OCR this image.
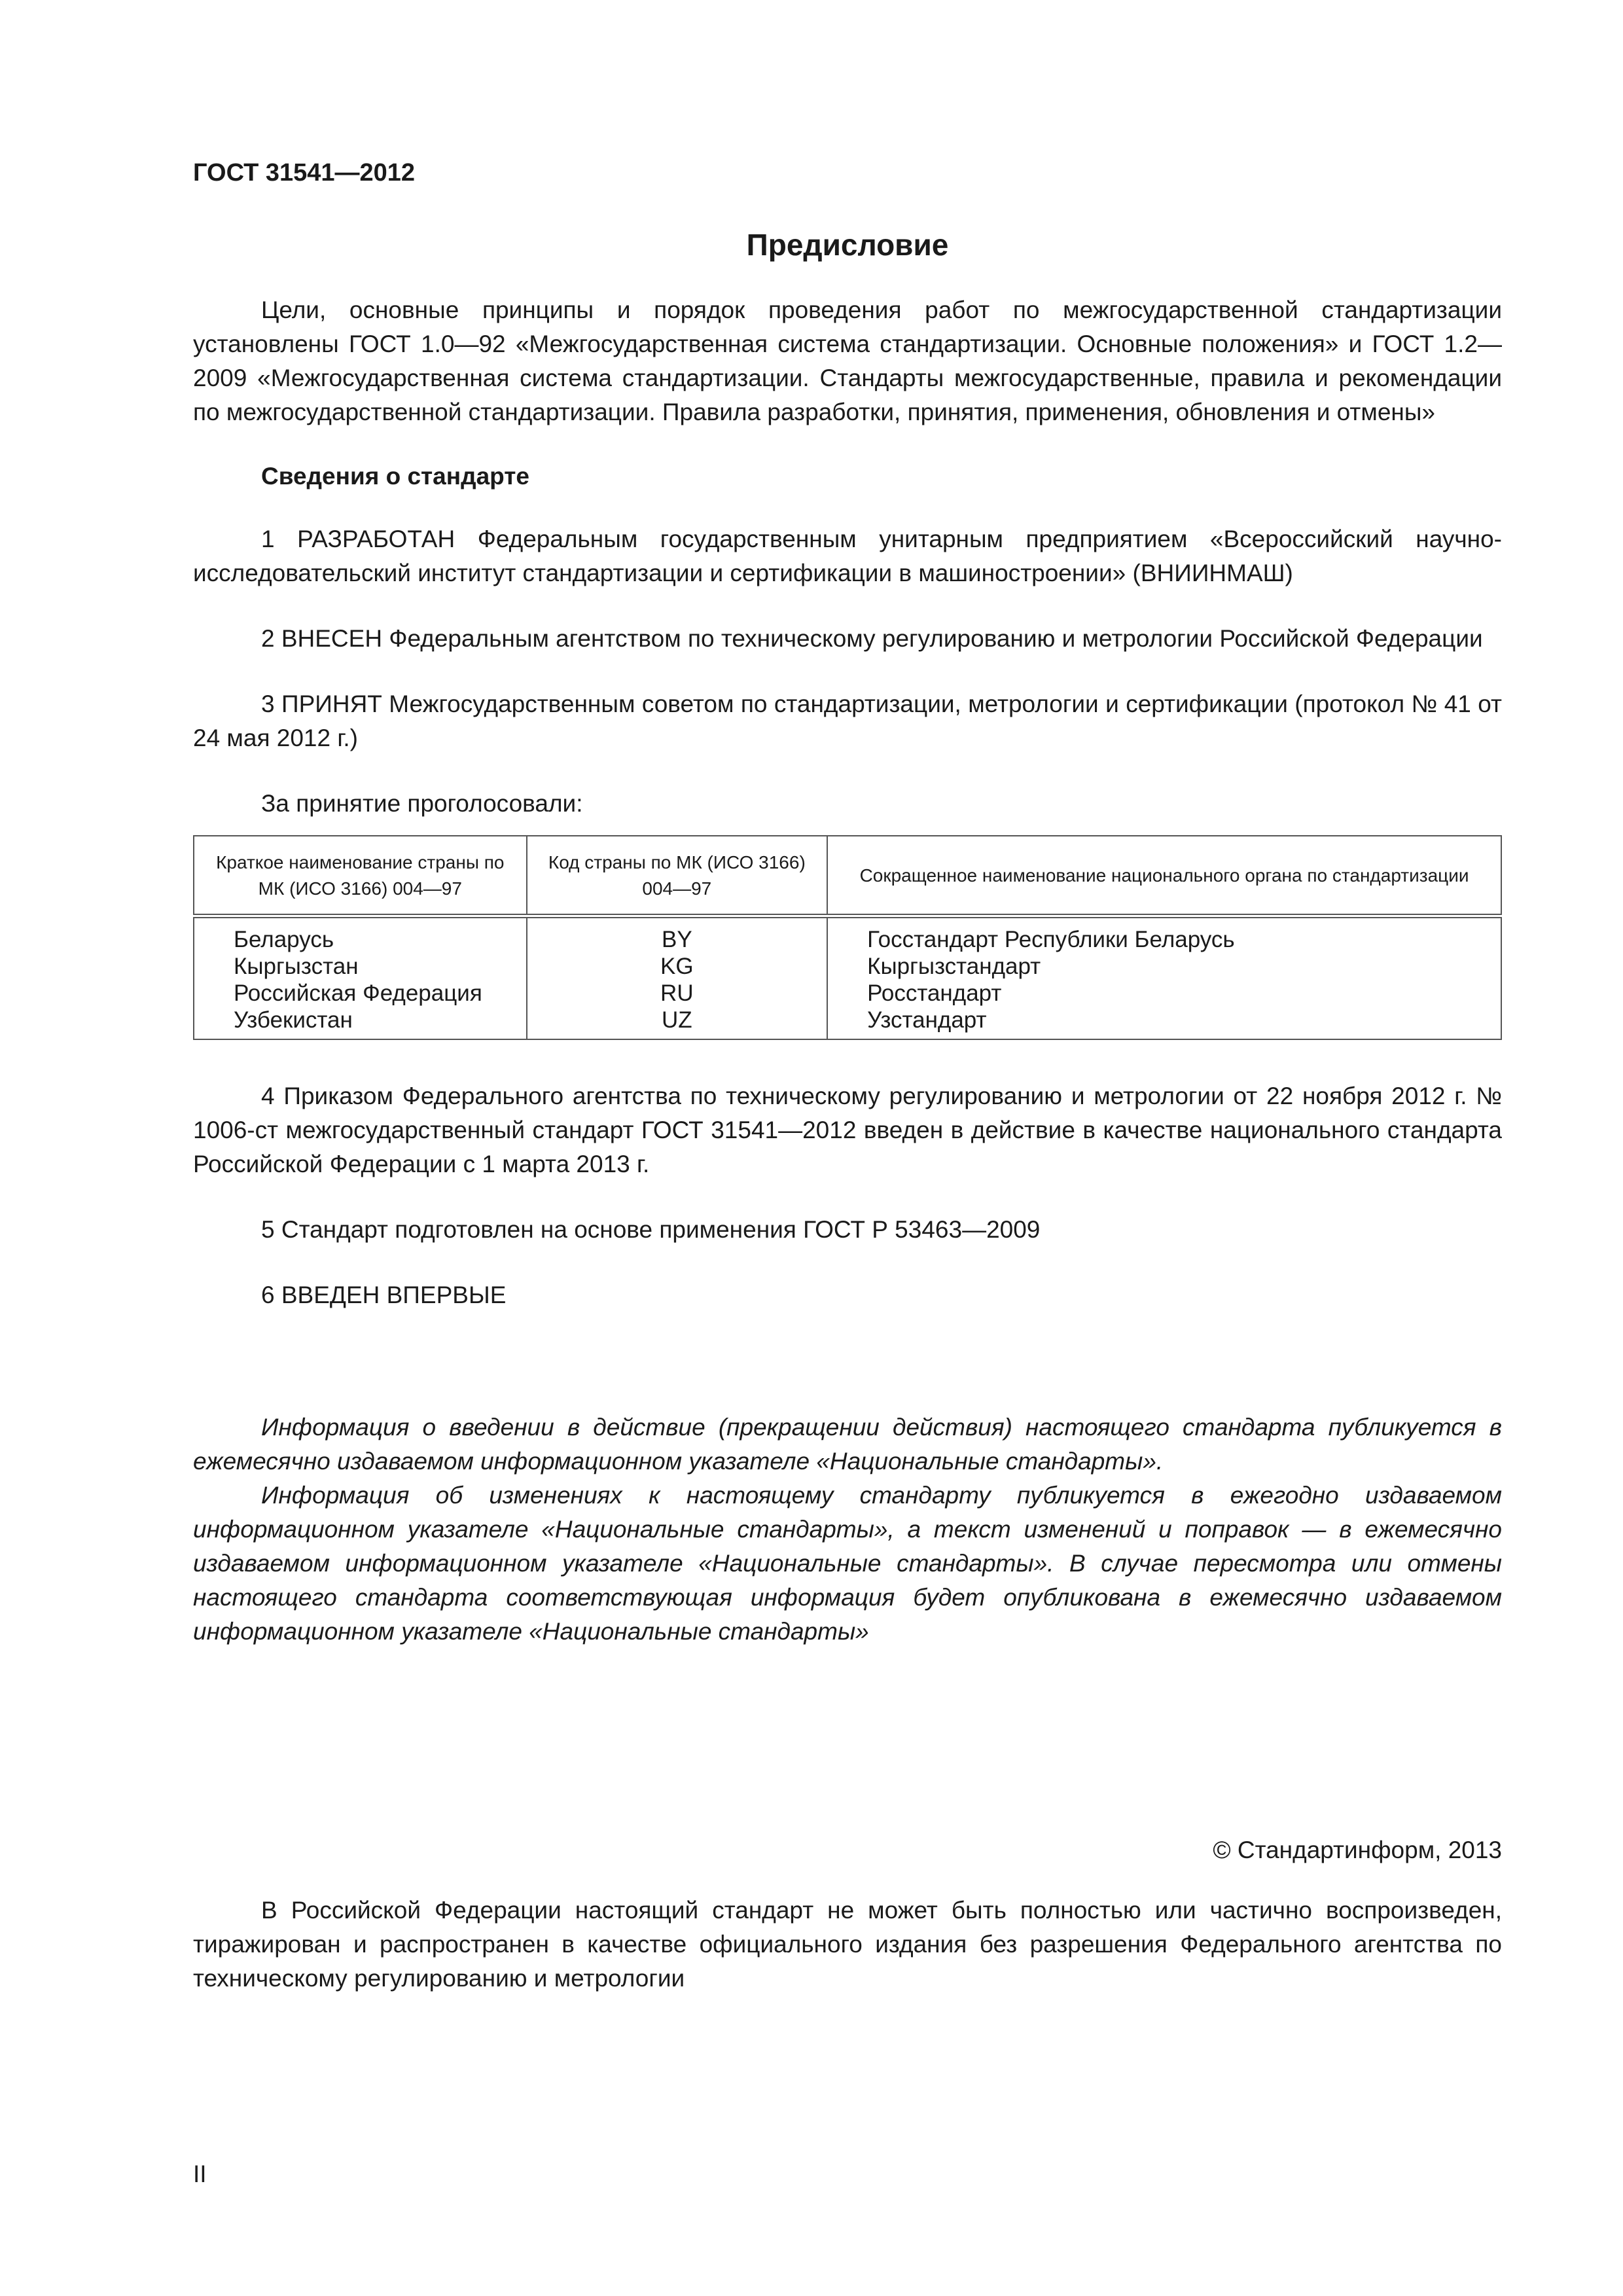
ГОСТ 31541—2012
Предисловие

Цели, основные принципы и порядок проведения работ по межгосударственной стандартизации установлены ГОСТ 1.0—92 «Межгосударственная система стандартизации. Основные положения» и ГОСТ 1.2—2009 «Межгосударственная система стандартизации. Стандарты межгосударственные, правила и рекомендации по межгосударственной стандартизации. Правила разработки, принятия, применения, обновления и отмены»

Сведения о стандарте

1 РАЗРАБОТАН Федеральным государственным унитарным предприятием «Всероссийский научно-исследовательский институт стандартизации и сертификации в машиностроении» (ВНИИНМАШ)

2 ВНЕСЕН Федеральным агентством по техническому регулированию и метрологии Российской Федерации

3 ПРИНЯТ Межгосударственным советом по стандартизации, метрологии и сертификации (протокол № 41 от 24 мая 2012 г.)

За принятие проголосовали:

Краткое наименование страны по МК (ИСО 3166) 004—97	Код страны по МК (ИСО 3166) 004—97	Сокращенное наименование национального органа по стандартизации
Беларусь	BY	Госстандарт Республики Беларусь
Кыргызстан	KG	Кыргызстандарт
Российская Федерация	RU	Росстандарт
Узбекистан	UZ	Узстандарт

4 Приказом Федерального агентства по техническому регулированию и метрологии от 22 ноября 2012 г. № 1006-ст межгосударственный стандарт ГОСТ 31541—2012 введен в действие в качестве национального стандарта Российской Федерации с 1 марта 2013 г.

5 Стандарт подготовлен на основе применения ГОСТ Р 53463—2009

6 ВВЕДЕН ВПЕРВЫЕ

Информация о введении в действие (прекращении действия) настоящего стандарта публикуется в ежемесячно издаваемом информационном указателе «Национальные стандарты».

Информация об изменениях к настоящему стандарту публикуется в ежегодно издаваемом информационном указателе «Национальные стандарты», а текст изменений и поправок — в ежемесячно издаваемом информационном указателе «Национальные стандарты». В случае пересмотра или отмены настоящего стандарта соответствующая информация будет опубликована в ежемесячно издаваемом информационном указателе «Национальные стандарты»

© Стандартинформ, 2013

В Российской Федерации настоящий стандарт не может быть полностью или частично воспроизведен, тиражирован и распространен в качестве официального издания без разрешения Федерального агентства по техническому регулированию и метрологии

II
